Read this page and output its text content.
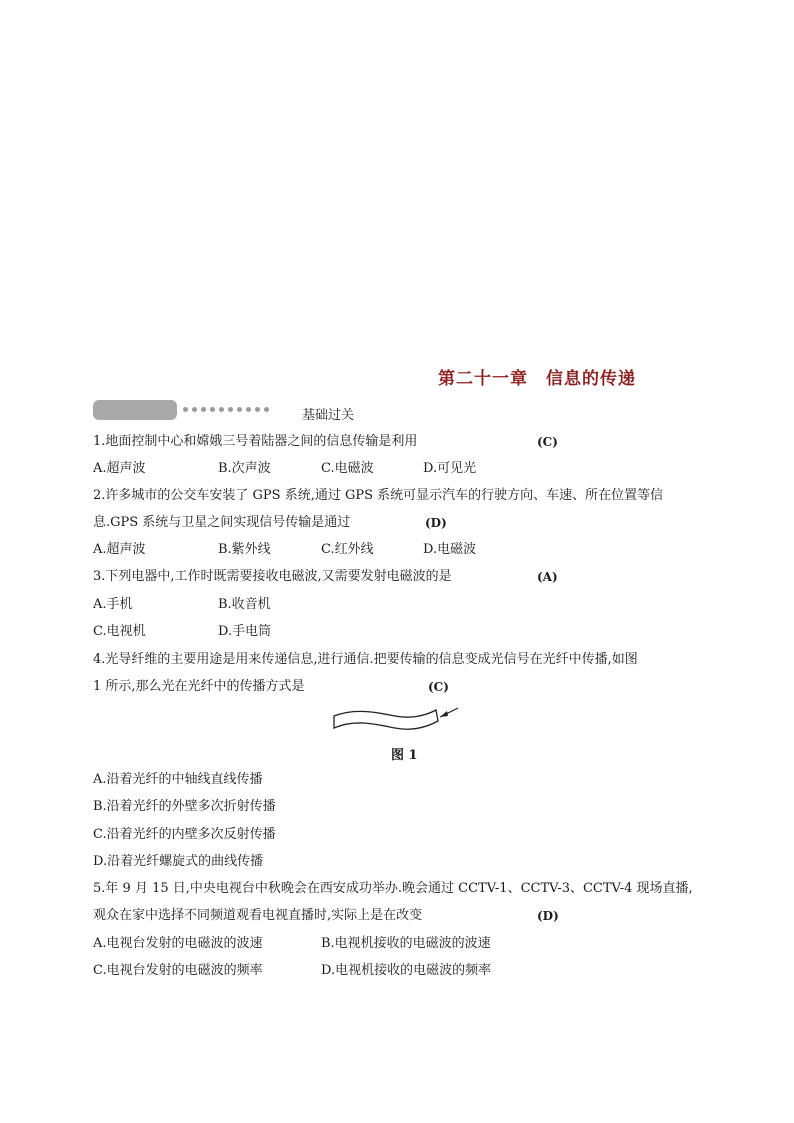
第二十一章　信息的传递
基础过关
1.地面控制中心和嫦娥三号着陆器之间的信息传输是利用	(C)
A.超声波	B.次声波	C.电磁波	D.可见光
2.许多城市的公交车安装了 GPS 系统,通过 GPS 系统可显示汽车的行驶方向、车速、所在位置等信
息.GPS 系统与卫星之间实现信号传输是通过	(D)
A.超声波	B.紫外线	C.红外线	D.电磁波
3.下列电器中,工作时既需要接收电磁波,又需要发射电磁波的是	(A)
A.手机	B.收音机
C.电视机	D.手电筒
4.光导纤维的主要用途是用来传递信息,进行通信.把要传输的信息变成光信号在光纤中传播,如图
1 所示,那么光在光纤中的传播方式是	(C)
图 1
A.沿着光纤的中轴线直线传播
B.沿着光纤的外壁多次折射传播
C.沿着光纤的内壁多次反射传播
D.沿着光纤螺旋式的曲线传播
5.年 9 月 15 日,中央电视台中秋晚会在西安成功举办.晚会通过 CCTV-1、CCTV-3、CCTV-4 现场直播,
观众在家中选择不同频道观看电视直播时,实际上是在改变	(D)
A.电视台发射的电磁波的波速	B.电视机接收的电磁波的波速
C.电视台发射的电磁波的频率	D.电视机接收的电磁波的频率
